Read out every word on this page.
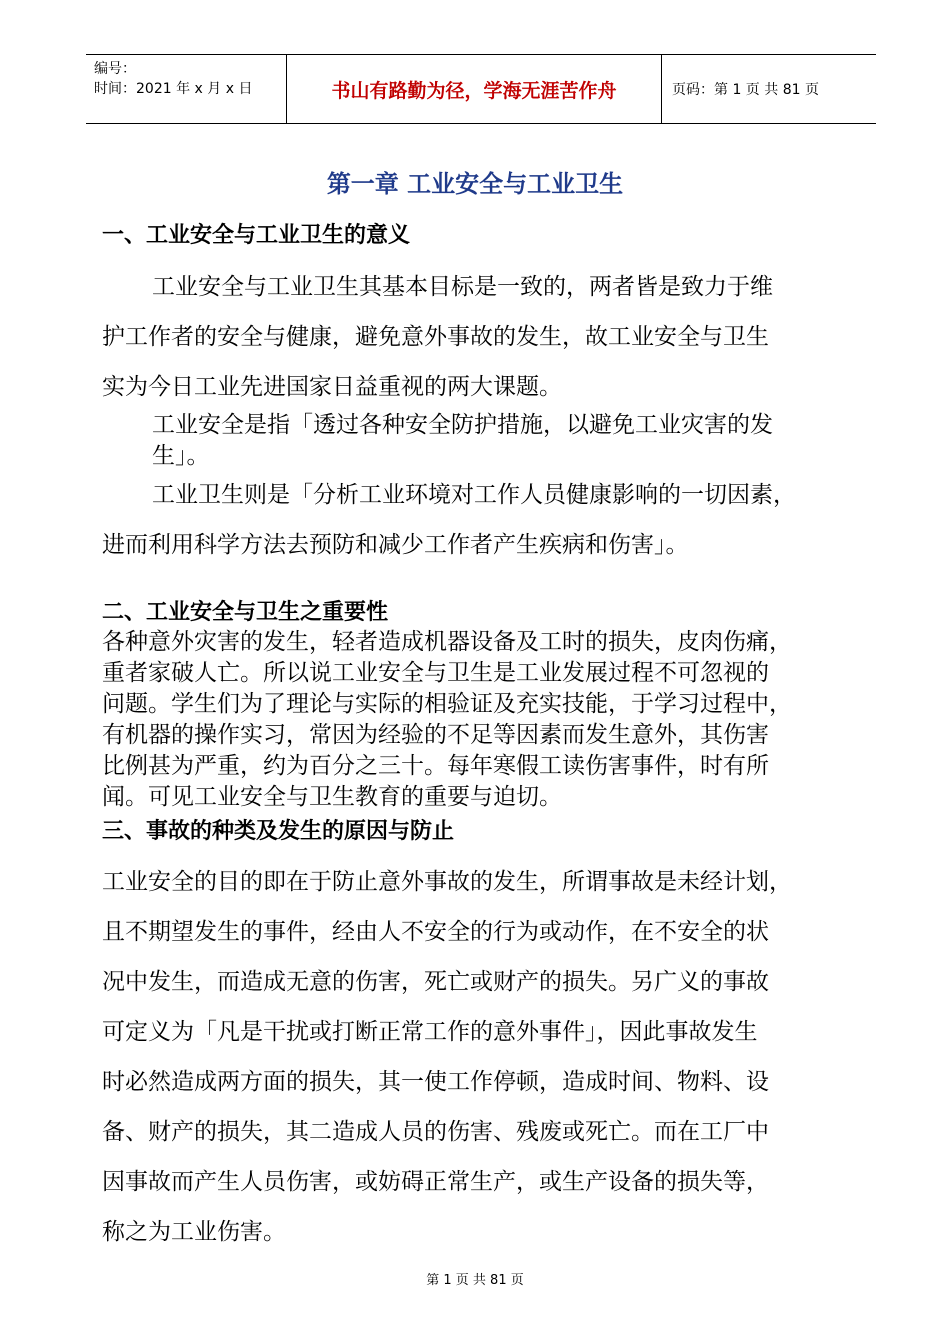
编号：
时间：2021 年 x 月 x 日	书山有路勤为径，学海无涯苦作舟	页码：第 1 页 共 81 页
第一章 工业安全与工业卫生
一、工业安全与工业卫生的意义
工业安全与工业卫生其基本目标是一致的，两者皆是致力于维
护工作者的安全与健康，避免意外事故的发生，故工业安全与卫生
实为今日工业先进国家日益重视的两大课题。
工业安全是指「透过各种安全防护措施，以避免工业灾害的发
生」。
工业卫生则是「分析工业环境对工作人员健康影响的一切因素，
进而利用科学方法去预防和减少工作者产生疾病和伤害」。
二、工业安全与卫生之重要性
各种意外灾害的发生，轻者造成机器设备及工时的损失，皮肉伤痛，
重者家破人亡。所以说工业安全与卫生是工业发展过程不可忽视的
问题。学生们为了理论与实际的相验证及充实技能，于学习过程中，
有机器的操作实习，常因为经验的不足等因素而发生意外，其伤害
比例甚为严重，约为百分之三十。每年寒假工读伤害事件，时有所
闻。可见工业安全与卫生教育的重要与迫切。
三、事故的种类及发生的原因与防止
工业安全的目的即在于防止意外事故的发生，所谓事故是未经计划，
且不期望发生的事件，经由人不安全的行为或动作，在不安全的状
况中发生，而造成无意的伤害，死亡或财产的损失。另广义的事故
可定义为「凡是干扰或打断正常工作的意外事件」，因此事故发生
时必然造成两方面的损失，其一使工作停顿，造成时间、物料、设
备、财产的损失，其二造成人员的伤害、残废或死亡。而在工厂中
因事故而产生人员伤害，或妨碍正常生产，或生产设备的损失等，
称之为工业伤害。
第 1 页 共 81 页
